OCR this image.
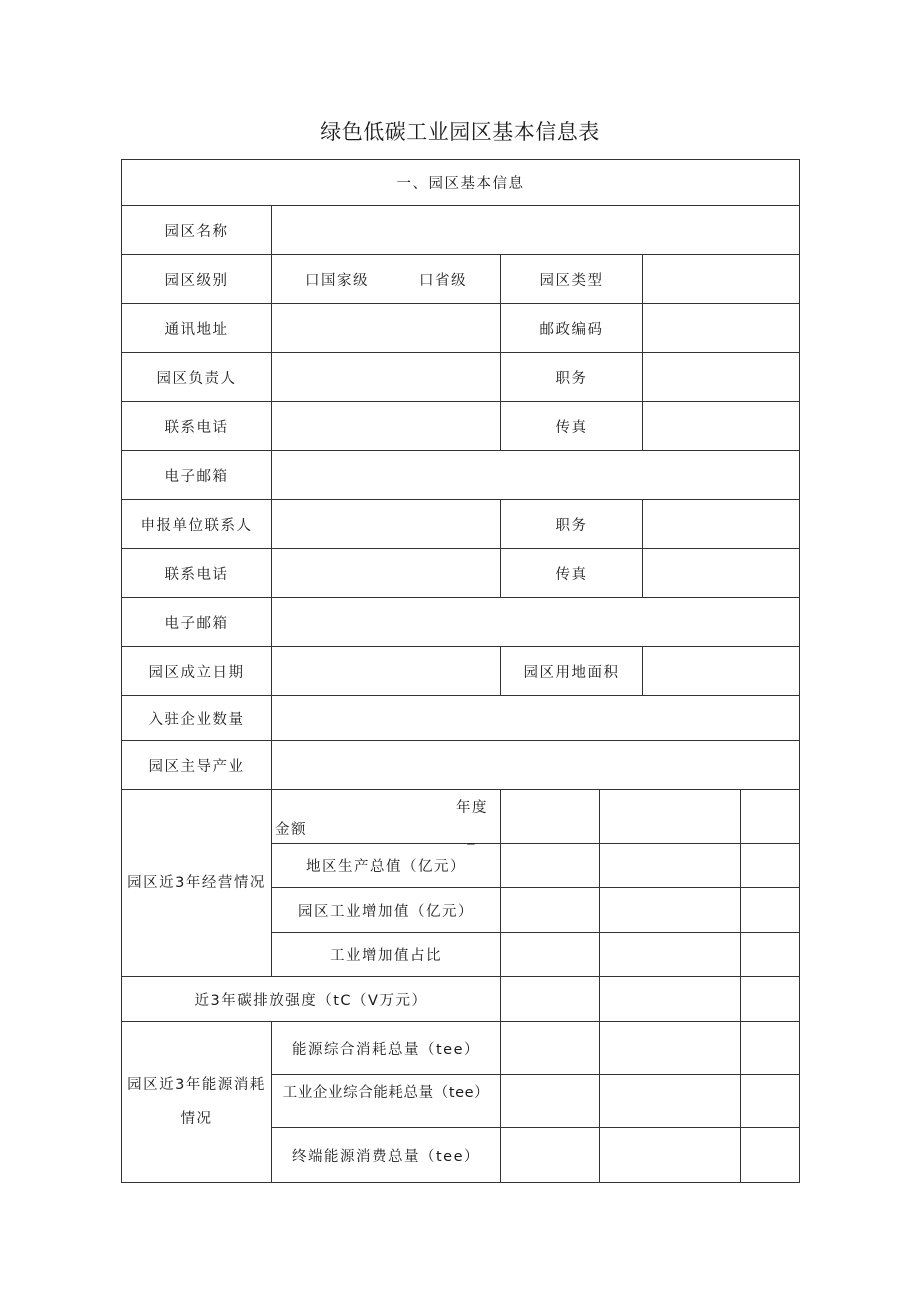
绿色低碳工业园区基本信息表
一、园区基本信息					
园区名称					
园区级别	口国家级 口省级	园区类型			
通讯地址		邮政编码			
园区负责人		职务			
联系电话		传真			
电子邮箱					
申报单位联系人		职务			
联系电话		传真			
电子邮箱					
园区成立日期		园区用地面积			
入驻企业数量					
园区主导产业					
园区近3年经营情况	年度
金额 _				

	地区生产总值（亿元）				
	园区工业增加值（亿元）				
	工业增加值占比				
近3年碳排放强度（tC（V万元）					
园区近3年能源消耗情况	能源综合消耗总量（tee）				
	工业企业综合能耗总量（tee）				
	终端能源消费总量（tee）				
